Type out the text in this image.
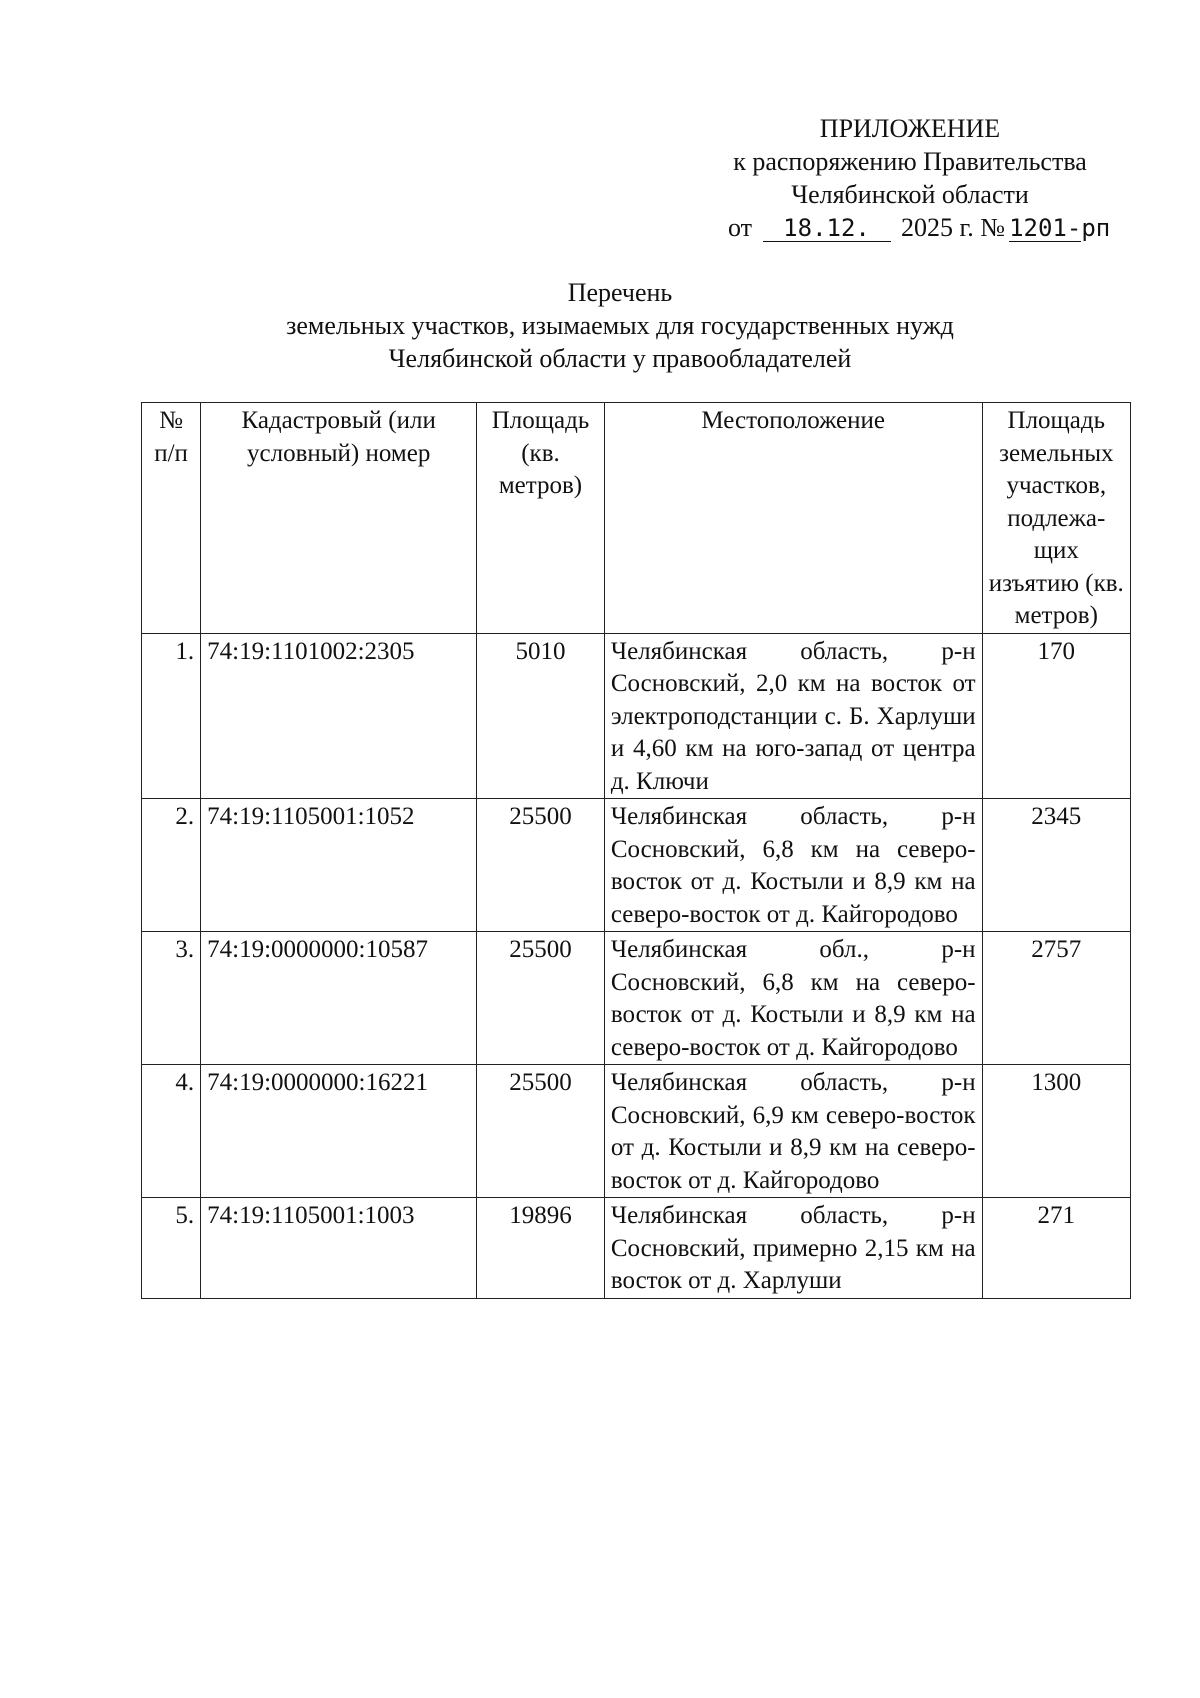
ПРИЛОЖЕНИЕ
к распоряжению Правительства
Челябинской области
от 18.12. 2025 г. № 1201-рп
Перечень
земельных участков, изымаемых для государственных нужд
Челябинской области у правообладателей
№ п/п	Кадастровый (или условный) номер	Площадь (кв. метров)	Местоположение	Площадь земельных участков, подлежа-щих изъятию (кв. метров)
1.	74:19:1101002:2305	5010	Челябинская область, р-н Сосновский, 2,0 км на восток от электроподстанции с. Б. Харлуши и 4,60 км на юго-запад от центра д. Ключи	170
2.	74:19:1105001:1052	25500	Челябинская область, р-н Сосновский, 6,8 км на северо-восток от д. Костыли и 8,9 км на северо-восток от д. Кайгородово	2345
3.	74:19:0000000:10587	25500	Челябинская обл., р-н Сосновский, 6,8 км на северо-восток от д. Костыли и 8,9 км на северо-восток от д. Кайгородово	2757
4.	74:19:0000000:16221	25500	Челябинская область, р-н Сосновский, 6,9 км северо-восток от д. Костыли и 8,9 км на северо-восток от д. Кайгородово	1300
5.	74:19:1105001:1003	19896	Челябинская область, р-н Сосновский, примерно 2,15 км на восток от д. Харлуши	271
